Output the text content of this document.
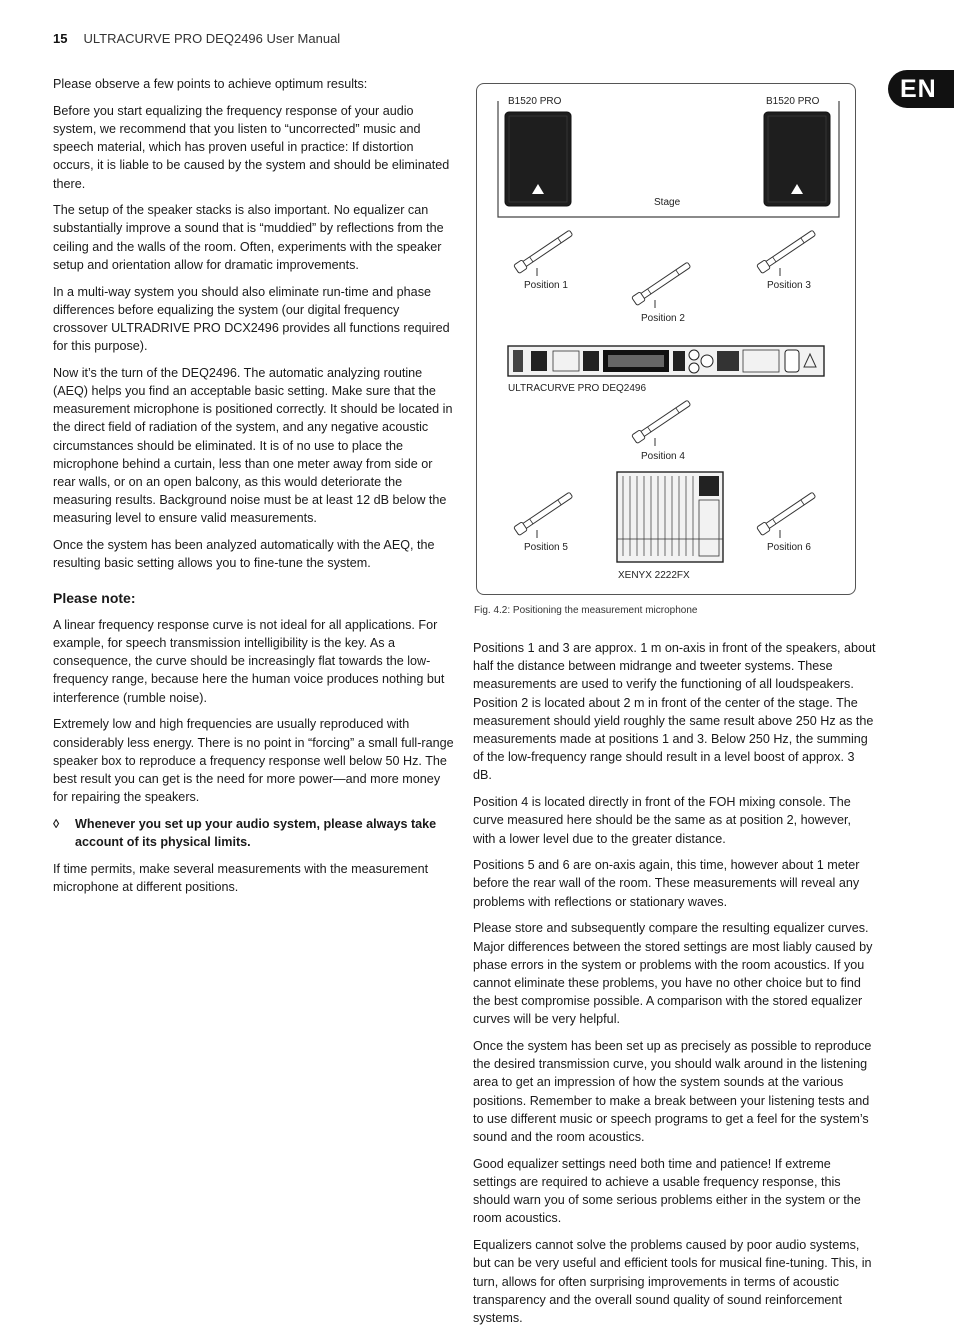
15 ULTRACURVE PRO DEQ2496 User Manual
EN

Please observe a few points to achieve optimum results:

Before you start equalizing the frequency response of your audio system, we recommend that you listen to “uncorrected” music and speech material, which has proven useful in practice: If distortion occurs, it is liable to be caused by the system and should be eliminated there.

The setup of the speaker stacks is also important. No equalizer can substantially improve a sound that is “muddied” by reflections from the ceiling and the walls of the room. Often, experiments with the speaker setup and orientation allow for dramatic improvements.

In a multi-way system you should also eliminate run-time and phase differences before equalizing the system (our digital frequency crossover ULTRADRIVE PRO DCX2496 provides all functions required for this purpose).

Now it’s the turn of the DEQ2496. The automatic analyzing routine (AEQ) helps you find an acceptable basic setting. Make sure that the measurement microphone is positioned correctly. It should be located in the direct field of radiation of the system, and any negative acoustic circumstances should be eliminated. It is of no use to place the microphone behind a curtain, less than one meter away from side or rear walls, or on an open balcony, as this would deteriorate the measuring results. Background noise must be at least 12 dB below the measuring level to ensure valid measurements.

Once the system has been analyzed automatically with the AEQ, the resulting basic setting allows you to fine-tune the system.

Please note:

A linear frequency response curve is not ideal for all applications. For example, for speech transmission intelligibility is the key. As a consequence, the curve should be increasingly flat towards the low-frequency range, because here the human voice produces nothing but interference (rumble noise).

Extremely low and high frequencies are usually reproduced with considerably less energy. There is no point in “forcing” a small full-range speaker box to reproduce a frequency response well below 50 Hz. The best result you can get is the need for more power—and more money for repairing the speakers.

◊	Whenever you set up your audio system, please always take account of its physical limits.

If time permits, make several measurements with the measurement microphone at different positions.

B1520 PRO	B1520 PRO
Stage
Position 1
Position 2
Position 3
ULTRACURVE PRO DEQ2496
Position 4
Position 5	Position 6
XENYX 2222FX
Fig. 4.2: Positioning the measurement microphone

Positions 1 and 3 are approx. 1 m on-axis in front of the speakers, about half the distance between midrange and tweeter systems. These measurements are used to verify the functioning of all loudspeakers. Position 2 is located about 2 m in front of the center of the stage. The measurement should yield roughly the same result above 250 Hz as the measurements made at positions 1 and 3. Below 250 Hz, the summing of the low-frequency range should result in a level boost of approx. 3 dB.

Position 4 is located directly in front of the FOH mixing console. The curve measured here should be the same as at position 2, however, with a lower level due to the greater distance.

Positions 5 and 6 are on-axis again, this time, however about 1 meter before the rear wall of the room. These measurements will reveal any problems with reflections or stationary waves.

Please store and subsequently compare the resulting equalizer curves. Major differences between the stored settings are most liably caused by phase errors in the system or problems with the room acoustics. If you cannot eliminate these problems, you have no other choice but to find the best compromise possible. A comparison with the stored equalizer curves will be very helpful.

Once the system has been set up as precisely as possible to reproduce the desired transmission curve, you should walk around in the listening area to get an impression of how the system sounds at the various positions. Remember to make a break between your listening tests and to use different music or speech programs to get a feel for the system’s sound and the room acoustics.

Good equalizer settings need both time and patience! If extreme settings are required to achieve a usable frequency response, this should warn you of some serious problems either in the system or the room acoustics.

Equalizers cannot solve the problems caused by poor audio systems, but can be very useful and efficient tools for musical fine-tuning. This, in turn, allows for often surprising improvements in terms of acoustic transparency and the overall sound quality of sound reinforcement systems.
